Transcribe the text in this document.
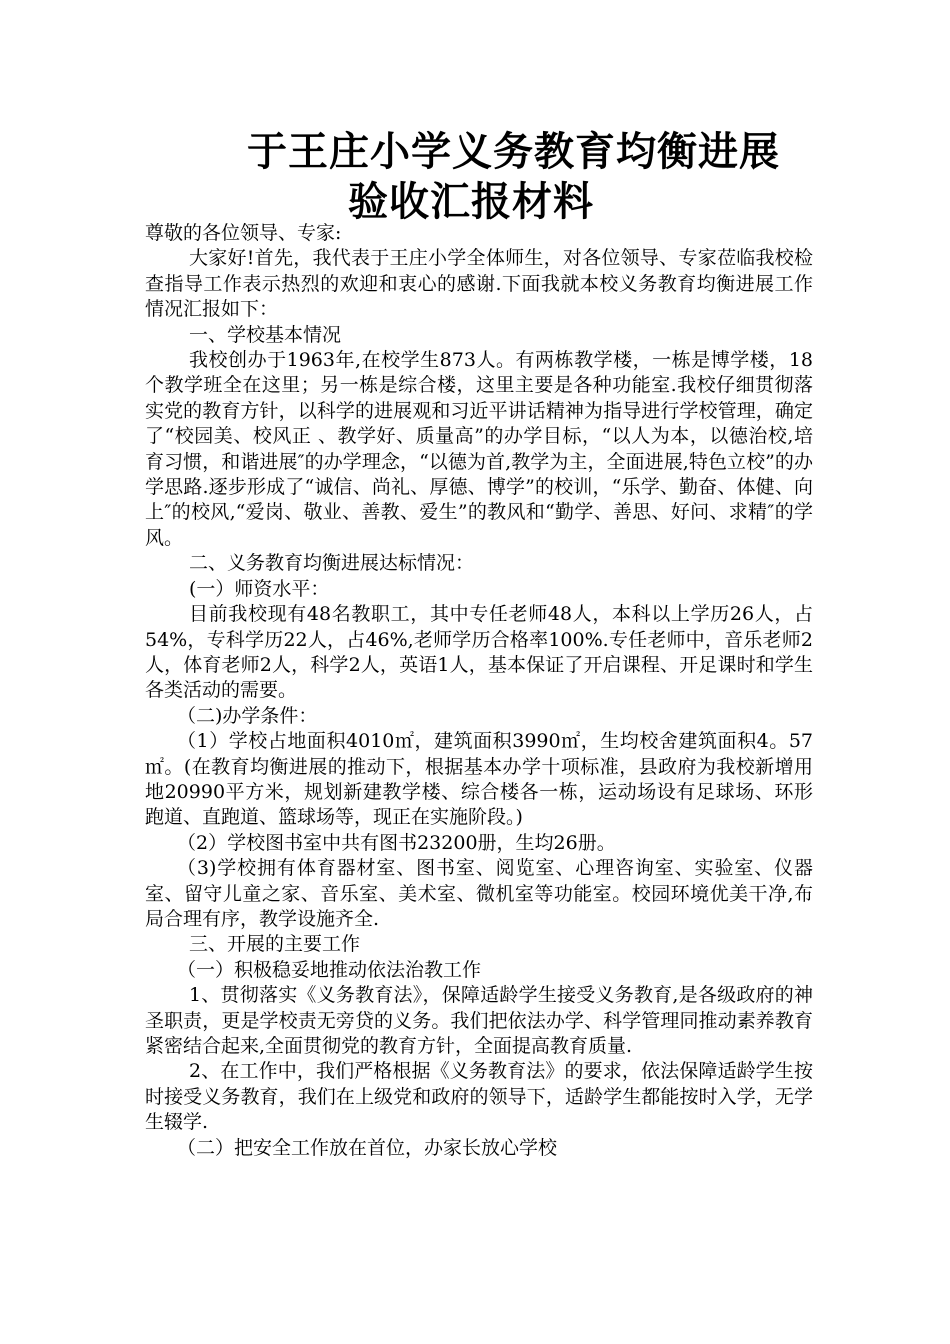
于王庄小学义务教育均衡进展
验收汇报材料

尊敬的各位领导、专家:

大家好!首先，我代表于王庄小学全体师生，对各位领导、专家莅临我校检查指导工作表示热烈的欢迎和衷心的感谢.下面我就本校义务教育均衡进展工作情况汇报如下：

一、学校基本情况

我校创办于1963年,在校学生873人。有两栋教学楼，一栋是博学楼，18个教学班全在这里；另一栋是综合楼，这里主要是各种功能室.我校仔细贯彻落实党的教育方针，以科学的进展观和习近平讲话精神为指导进行学校管理，确定了“校园美、校风正 、教学好、质量高”的办学目标，“以人为本，以德治校,培育习惯，和谐进展″的办学理念，“以德为首,教学为主，全面进展,特色立校”的办学思路.逐步形成了“诚信、尚礼、厚德、博学”的校训，“乐学、勤奋、体健、向上″的校风,“爱岗、敬业、善教、爱生”的教风和“勤学、善思、好问、求精″的学风。

二、义务教育均衡进展达标情况：

(一）师资水平：

目前我校现有48名教职工，其中专任老师48人，本科以上学历26人，占54%，专科学历22人，占46%,老师学历合格率100%.专任老师中，音乐老师2人，体育老师2人，科学2人，英语1人，基本保证了开启课程、开足课时和学生各类活动的需要。

（二)办学条件：

（1）学校占地面积4010㎡，建筑面积3990㎡，生均校舍建筑面积4。57㎡。(在教育均衡进展的推动下，根据基本办学十项标准，县政府为我校新增用地20990平方米，规划新建教学楼、综合楼各一栋，运动场设有足球场、环形跑道、直跑道、篮球场等，现正在实施阶段。)

（2）学校图书室中共有图书23200册，生均26册。

（3)学校拥有体育器材室、图书室、阅览室、心理咨询室、实验室、仪器室、留守儿童之家、音乐室、美术室、微机室等功能室。校园环境优美干净,布局合理有序，教学设施齐全.

三、开展的主要工作

（一）积极稳妥地推动依法治教工作

1、贯彻落实《义务教育法》，保障适龄学生接受义务教育,是各级政府的神圣职责，更是学校责无旁贷的义务。我们把依法办学、科学管理同推动素养教育紧密结合起来,全面贯彻党的教育方针，全面提高教育质量.

2、在工作中，我们严格根据《义务教育法》的要求，依法保障适龄学生按时接受义务教育，我们在上级党和政府的领导下，适龄学生都能按时入学，无学生辍学.

（二）把安全工作放在首位，办家长放心学校
